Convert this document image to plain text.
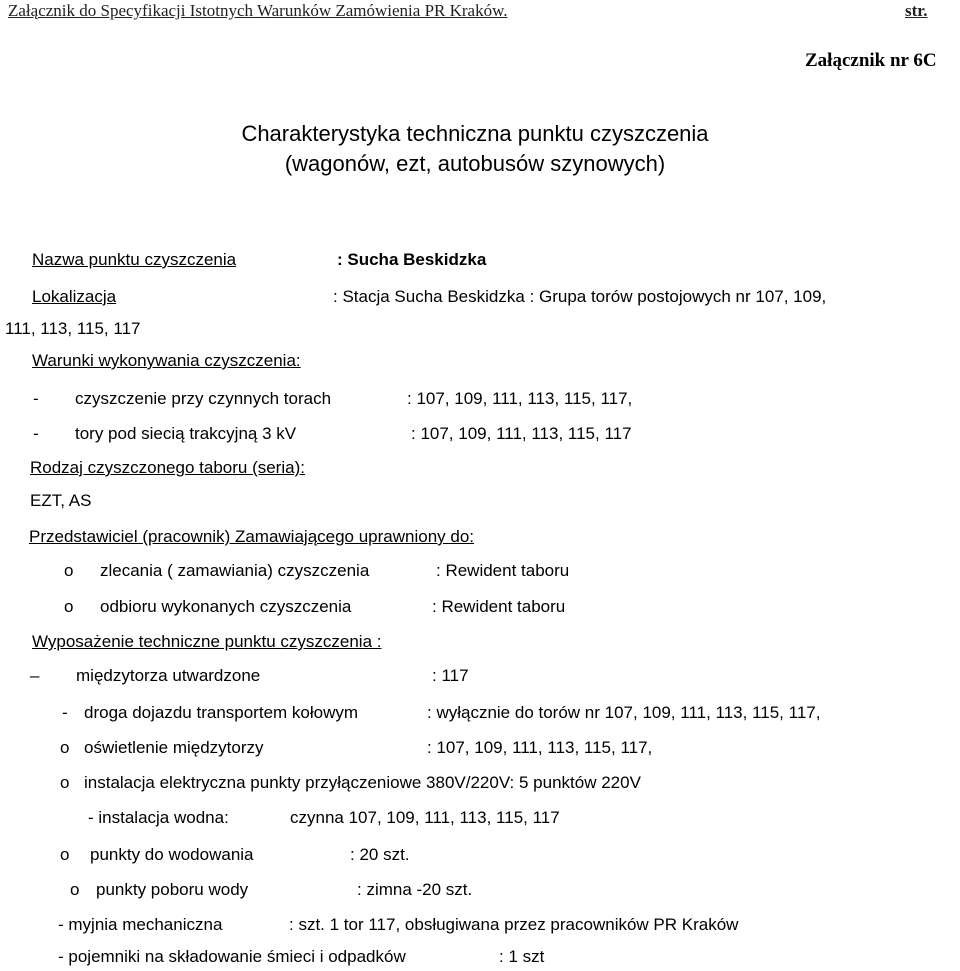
Załącznik do Specyfikacji Istotnych Warunków Zamówienia PR Kraków.	str.
Załącznik nr 6C
Charakterystyka techniczna punktu czyszczenia
(wagonów, ezt, autobusów szynowych)
Nazwa punktu czyszczenia	: Sucha Beskidzka
Lokalizacja	: Stacja Sucha Beskidzka : Grupa torów postojowych nr 107, 109,
111, 113, 115, 117
Warunki wykonywania czyszczenia:
- czyszczenie przy czynnych torach	: 107, 109, 111, 113, 115, 117,
- tory pod siecią trakcyjną 3 kV	: 107, 109, 111, 113, 115, 117
Rodzaj czyszczonego taboru (seria):
EZT, AS
Przedstawiciel (pracownik) Zamawiającego uprawniony do:
o zlecania ( zamawiania) czyszczenia	: Rewident taboru
o odbioru wykonanych czyszczenia	: Rewident taboru
Wyposażenie techniczne punktu czyszczenia :
– międzytorza utwardzone	: 117
- droga dojazdu transportem kołowym	: wyłącznie do torów nr 107, 109, 111, 113, 115, 117,
o oświetlenie międzytorzy	: 107, 109, 111, 113, 115, 117,
o instalacja elektryczna punkty przyłączeniowe 380V/220V: 5 punktów 220V
- instalacja wodna:	czynna 107, 109, 111, 113, 115, 117
o punkty do wodowania	: 20 szt.
o punkty poboru wody	: zimna -20 szt.
- myjnia mechaniczna	: szt. 1 tor 117, obsługiwana przez pracowników PR Kraków
- pojemniki na składowanie śmieci i odpadków	: 1 szt
